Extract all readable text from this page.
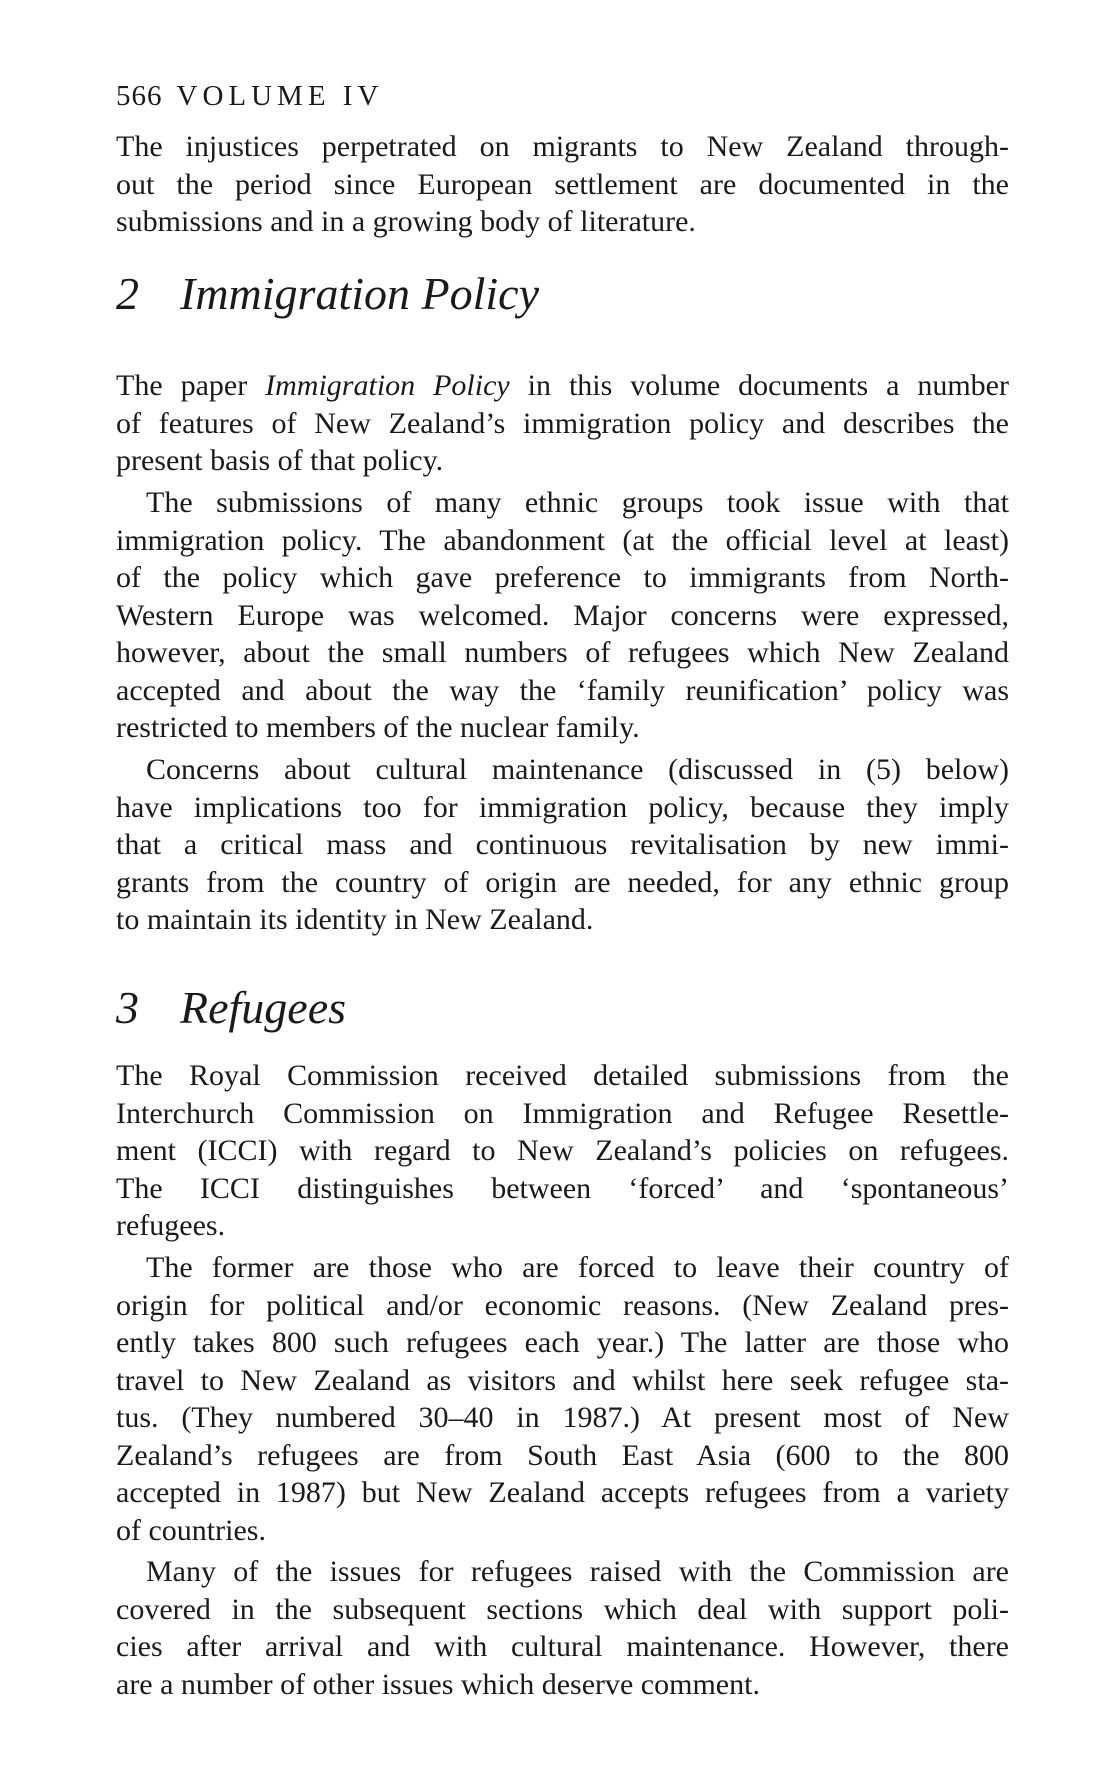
566 VOLUME IV
The injustices perpetrated on migrants to New Zealand through-
out the period since European settlement are documented in the
submissions and in a growing body of literature.
2 Immigration Policy
The paper Immigration Policy in this volume documents a number
of features of New Zealand’s immigration policy and describes the
present basis of that policy.
The submissions of many ethnic groups took issue with that
immigration policy. The abandonment (at the official level at least)
of the policy which gave preference to immigrants from North-
Western Europe was welcomed. Major concerns were expressed,
however, about the small numbers of refugees which New Zealand
accepted and about the way the ‘family reunification’ policy was
restricted to members of the nuclear family.
Concerns about cultural maintenance (discussed in (5) below)
have implications too for immigration policy, because they imply
that a critical mass and continuous revitalisation by new immi-
grants from the country of origin are needed, for any ethnic group
to maintain its identity in New Zealand.
3 Refugees
The Royal Commission received detailed submissions from the
Interchurch Commission on Immigration and Refugee Resettle-
ment (ICCI) with regard to New Zealand’s policies on refugees.
The ICCI distinguishes between ‘forced’ and ‘spontaneous’
refugees.
The former are those who are forced to leave their country of
origin for political and/or economic reasons. (New Zealand pres-
ently takes 800 such refugees each year.) The latter are those who
travel to New Zealand as visitors and whilst here seek refugee sta-
tus. (They numbered 30–40 in 1987.) At present most of New
Zealand’s refugees are from South East Asia (600 to the 800
accepted in 1987) but New Zealand accepts refugees from a variety
of countries.
Many of the issues for refugees raised with the Commission are
covered in the subsequent sections which deal with support poli-
cies after arrival and with cultural maintenance. However, there
are a number of other issues which deserve comment.
